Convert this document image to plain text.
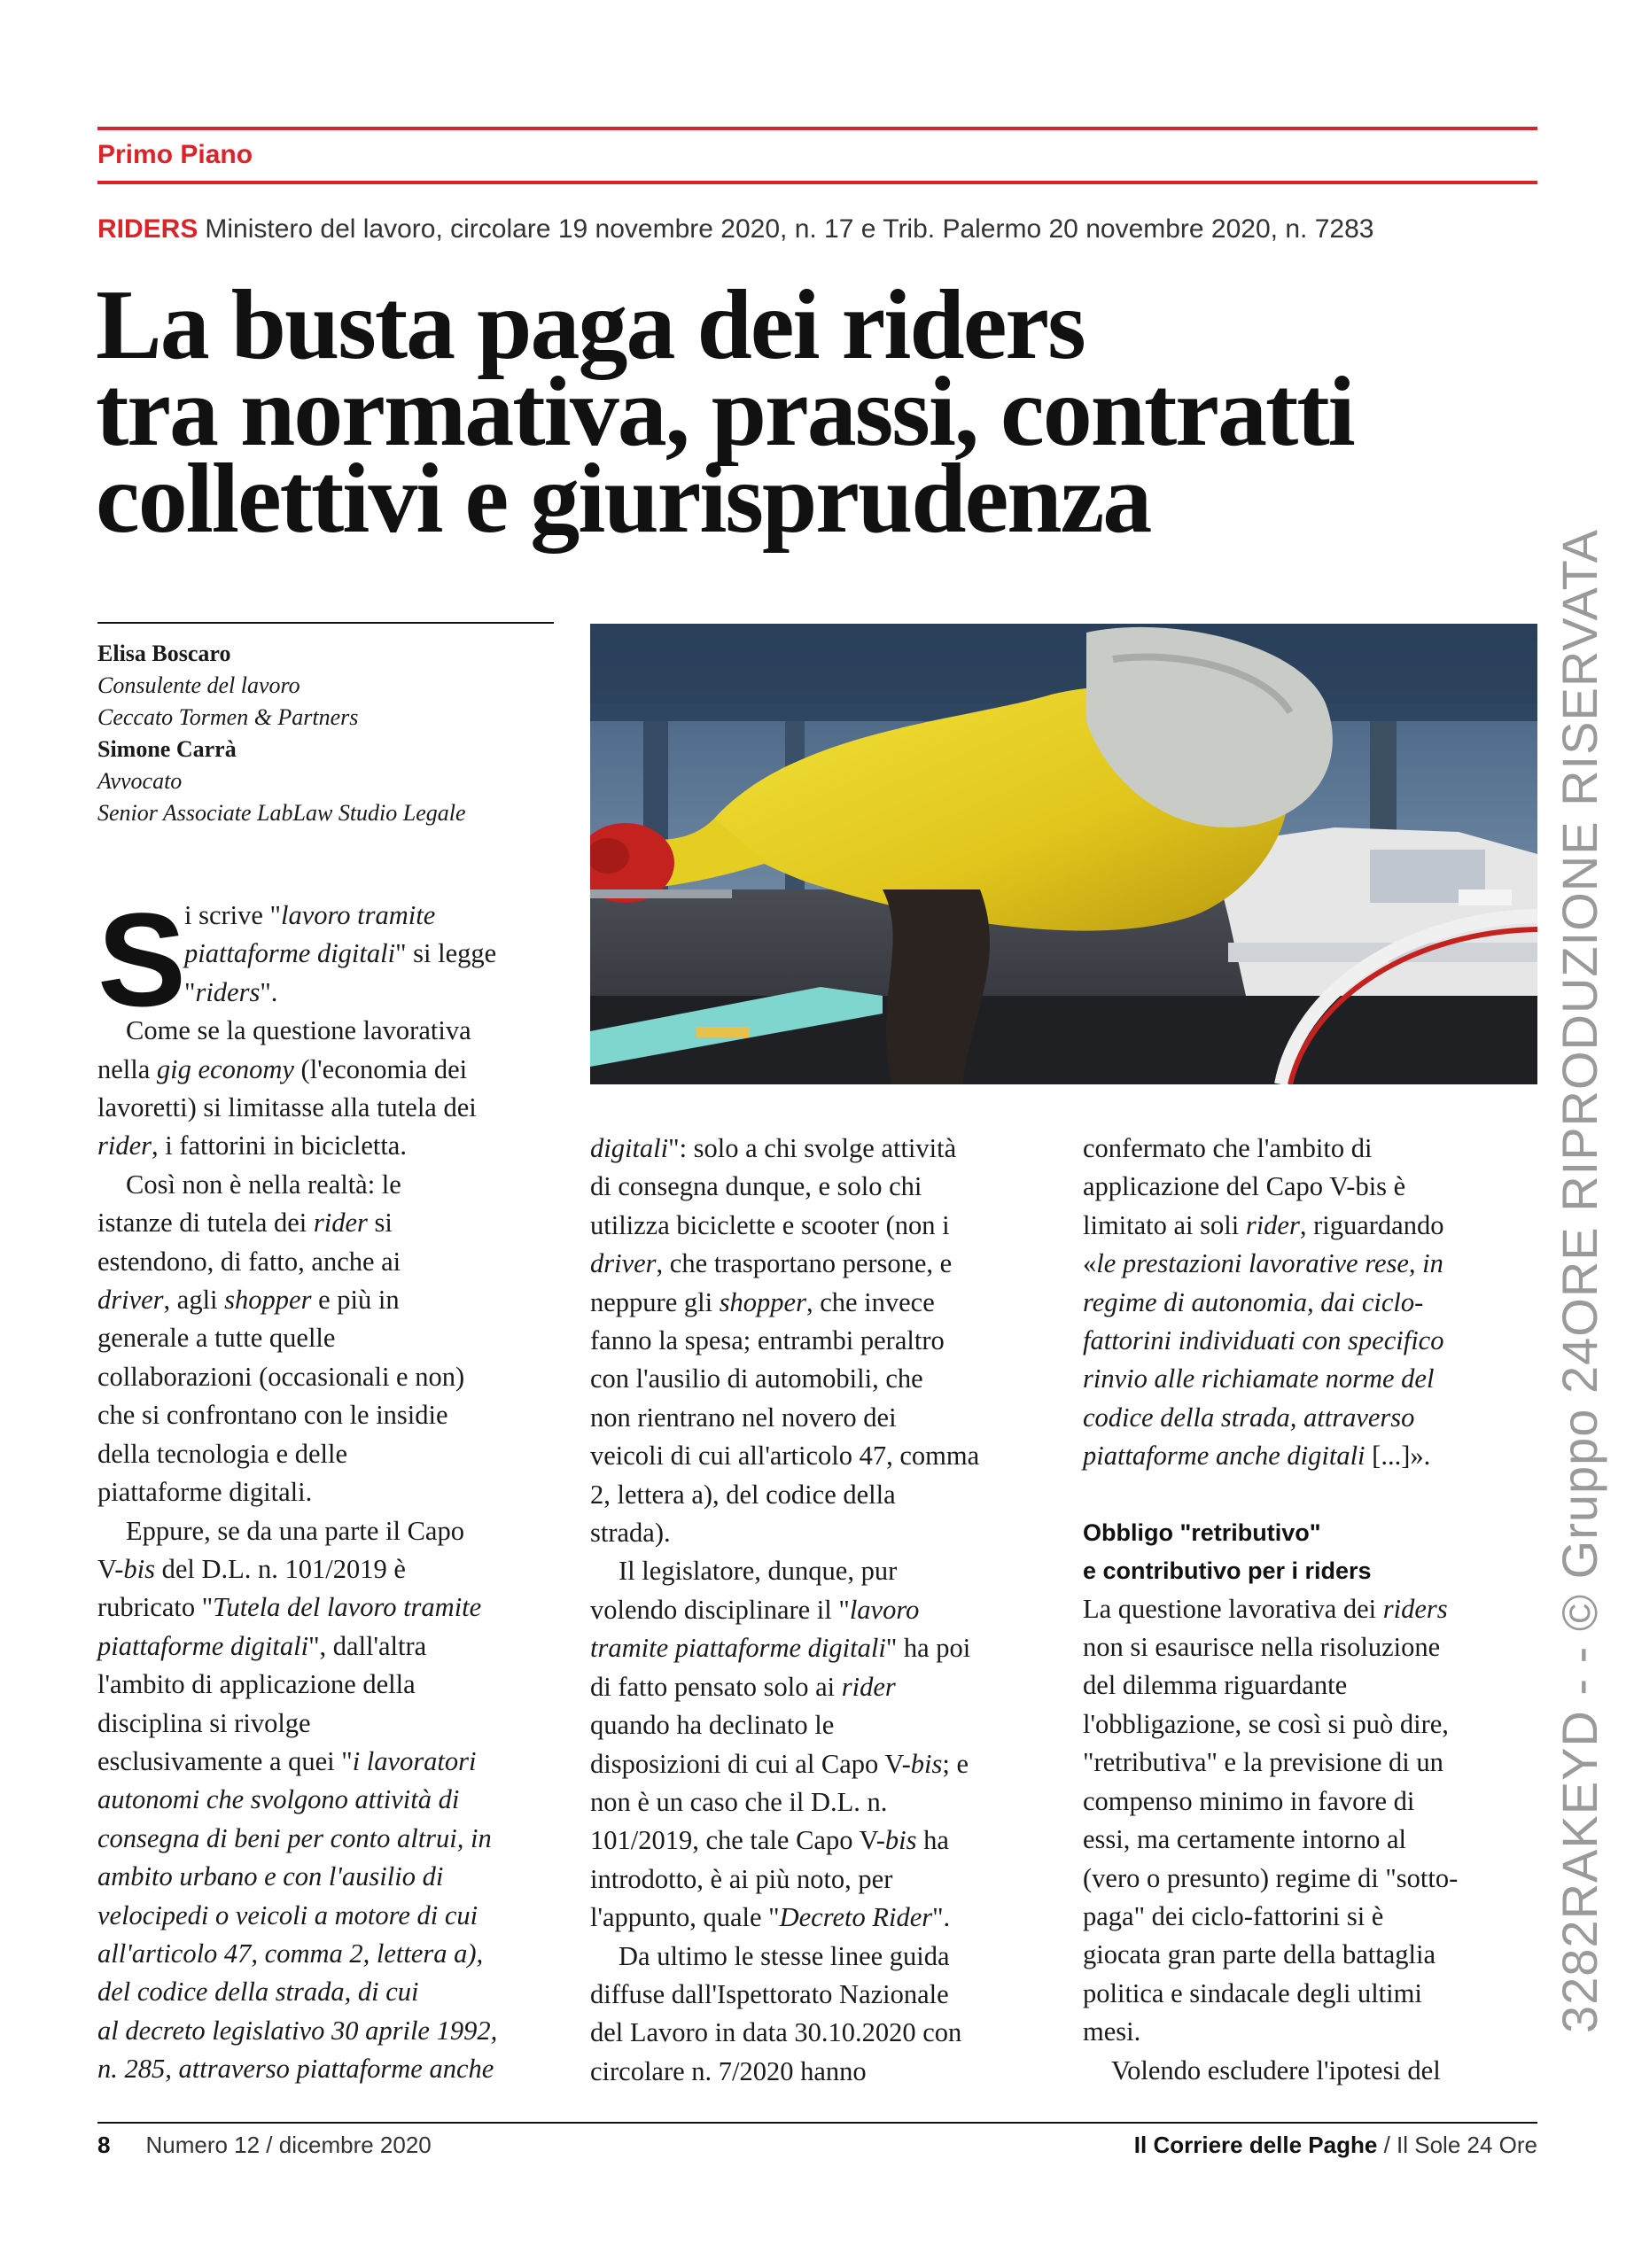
Primo Piano
RIDERS Ministero del lavoro, circolare 19 novembre 2020, n. 17 e Trib. Palermo 20 novembre 2020, n. 7283
La busta paga dei riders
tra normativa, prassi, contratti
collettivi e giurisprudenza
Elisa Boscaro
Consulente del lavoro
Ceccato Tormen & Partners
Simone Carrà
Avvocato
Senior Associate LabLaw Studio Legale
S

i scrive "lavoro tramite
piattaforme digitali" si legge
"riders".

Come se la questione lavorativa
nella gig economy (l'economia dei
lavoretti) si limitasse alla tutela dei
rider, i fattorini in bicicletta.

Così non è nella realtà: le
istanze di tutela dei rider si
estendono, di fatto, anche ai
driver, agli shopper e più in
generale a tutte quelle
collaborazioni (occasionali e non)
che si confrontano con le insidie
della tecnologia e delle
piattaforme digitali.

Eppure, se da una parte il Capo
V-bis del D.L. n. 101/2019 è
rubricato "Tutela del lavoro tramite
piattaforme digitali", dall'altra
l'ambito di applicazione della
disciplina si rivolge
esclusivamente a quei "i lavoratori
autonomi che svolgono attività di
consegna di beni per conto altrui, in
ambito urbano e con l'ausilio di
velocipedi o veicoli a motore di cui
all'articolo 47, comma 2, lettera a),
del codice della strada, di cui
al decreto legislativo 30 aprile 1992,
n. 285, attraverso piattaforme anche

digitali": solo a chi svolge attività
di consegna dunque, e solo chi
utilizza biciclette e scooter (non i
driver, che trasportano persone, e
neppure gli shopper, che invece
fanno la spesa; entrambi peraltro
con l'ausilio di automobili, che
non rientrano nel novero dei
veicoli di cui all'articolo 47, comma
2, lettera a), del codice della
strada).

Il legislatore, dunque, pur
volendo disciplinare il "lavoro
tramite piattaforme digitali" ha poi
di fatto pensato solo ai rider
quando ha declinato le
disposizioni di cui al Capo V-bis; e
non è un caso che il D.L. n.
101/2019, che tale Capo V-bis ha
introdotto, è ai più noto, per
l'appunto, quale "Decreto Rider".

Da ultimo le stesse linee guida
diffuse dall'Ispettorato Nazionale
del Lavoro in data 30.10.2020 con
circolare n. 7/2020 hanno

confermato che l'ambito di
applicazione del Capo V-bis è
limitato ai soli rider, riguardando
«le prestazioni lavorative rese, in
regime di autonomia, dai ciclo-
fattorini individuati con specifico
rinvio alle richiamate norme del
codice della strada, attraverso
piattaforme anche digitali [...]».

Obbligo "retributivo"
e contributivo per i riders

La questione lavorativa dei riders
non si esaurisce nella risoluzione
del dilemma riguardante
l'obbligazione, se così si può dire,
"retributiva" e la previsione di un
compenso minimo in favore di
essi, ma certamente intorno al
(vero o presunto) regime di "sotto-
paga" dei ciclo-fattorini si è
giocata gran parte della battaglia
politica e sindacale degli ultimi
mesi.

Volendo escludere l'ipotesi del

8 Numero 12 / dicembre 2020	Il Corriere delle Paghe / Il Sole 24 Ore
3282RAKEYD - - © Gruppo 24ORE RIPRODUZIONE RISERVATA
